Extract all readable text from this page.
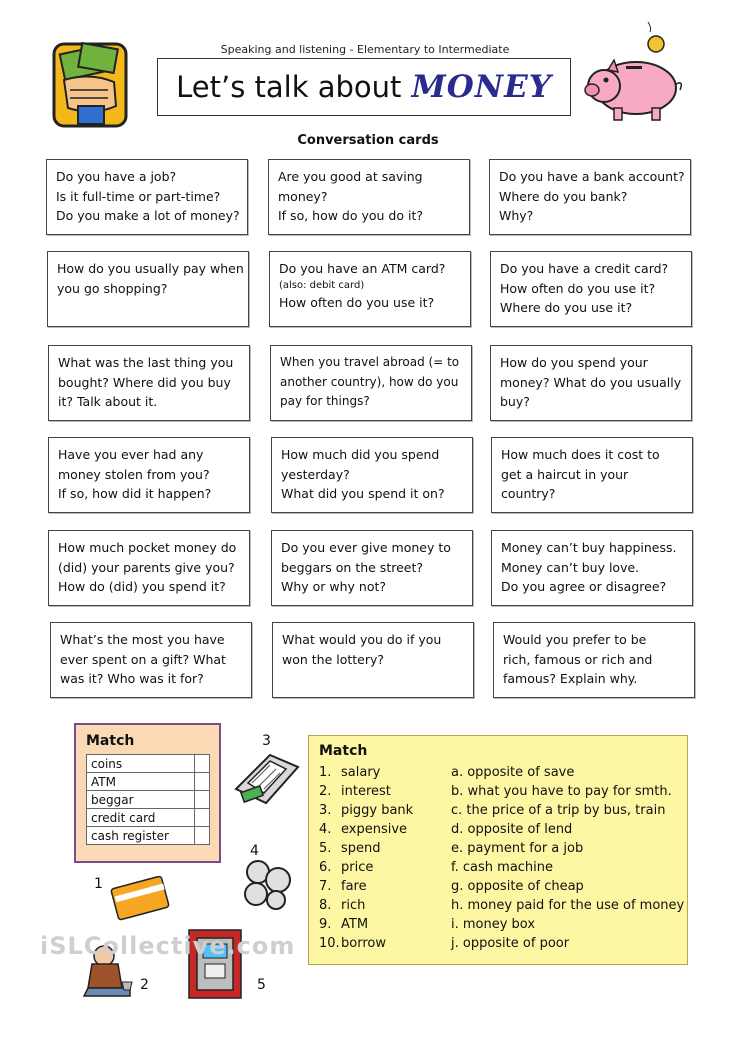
Speaking and listening - Elementary to Intermediate
Let’s talk about MONEY
Conversation cards
Do you have a job?
Is it full-time or part-time?
Do you make a lot of money?
Are you good at saving
money?
If so, how do you do it?
Do you have a bank account?
Where do you bank?
Why?
How do you usually pay when
you go shopping?
Do you have an ATM card?
(also: debit card)
How often do you use it?
Do you have a credit card?
How often do you use it?
Where do you use it?
What was the last thing you
bought? Where did you buy
it? Talk about it.
When you travel abroad (= to
another country), how do you
pay for things?
How do you spend your
money? What do you usually
buy?
Have you ever had any
money stolen from you?
If so, how did it happen?
How much did you spend
yesterday?
What did you spend it on?
How much does it cost to
get a haircut in your
country?
How much pocket money do
(did) your parents give you?
How do (did) you spend it?
Do you ever give money to
beggars on the street?
Why or why not?
Money can’t buy happiness.
Money can’t buy love.
Do you agree or disagree?
What’s the most you have
ever spent on a gift? What
was it? Who was it for?
What would you do if you
won the lottery?
Would you prefer to be
rich, famous or rich and
famous? Explain why.
Match
coins	
ATM	
beggar	
credit card	
cash register	
3
4
1
2	5
iSLCollective.com
Match
1. salary	a. opposite of save
2. interest	b. what you have to pay for smth.
3. piggy bank	c. the price of a trip by bus, train
4. expensive	d. opposite of lend
5. spend	e. payment for a job
6. price	f. cash machine
7. fare	g. opposite of cheap
8. rich	h. money paid for the use of money
9. ATM	i. money box
10.borrow	j. opposite of poor
